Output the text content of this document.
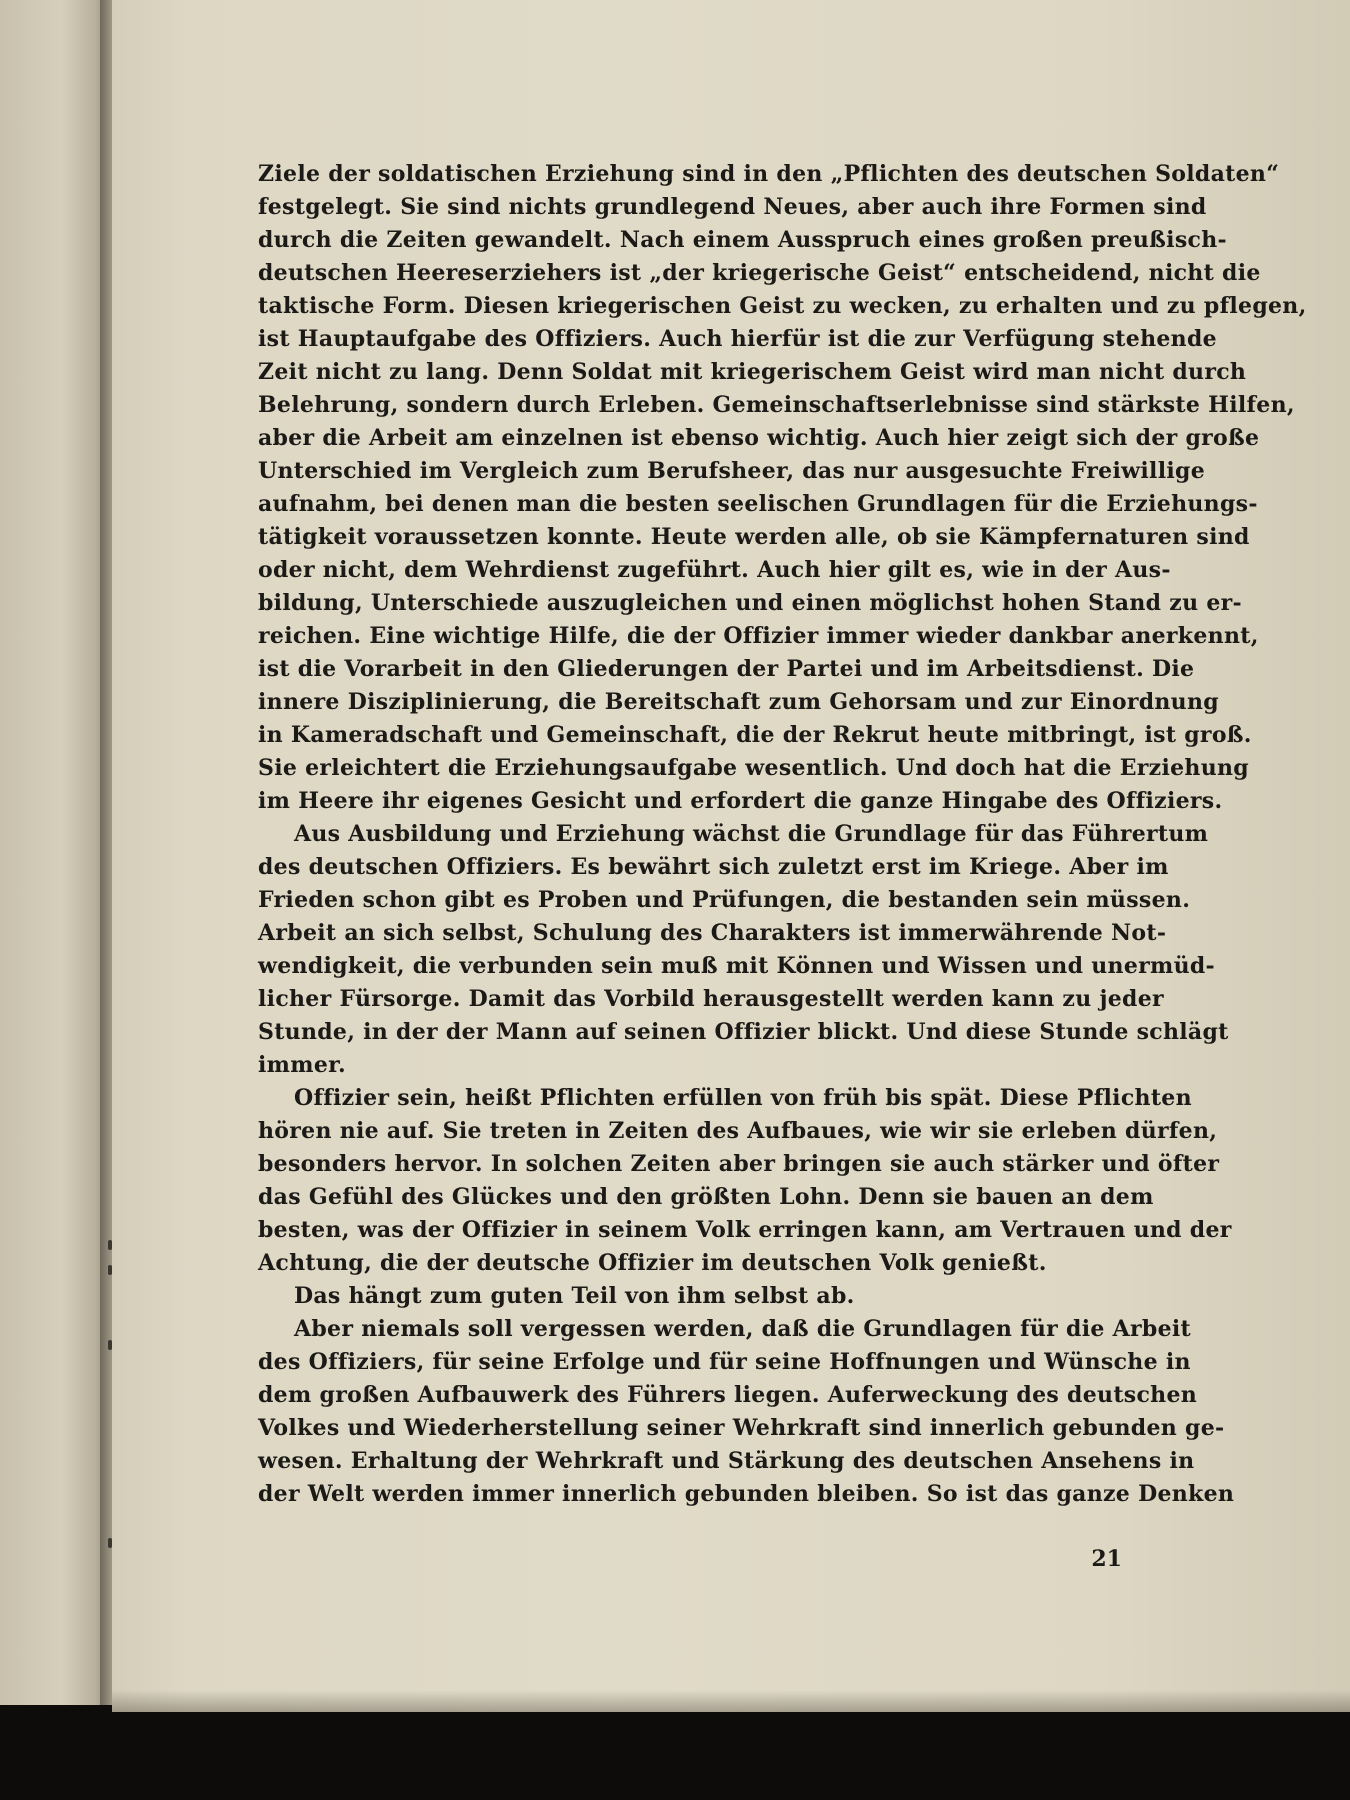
Ziele der soldatischen Erziehung sind in den „Pflichten des deutschen Soldaten“
festgelegt. Sie sind nichts grundlegend Neues, aber auch ihre Formen sind
durch die Zeiten gewandelt. Nach einem Ausspruch eines großen preußisch-
deutschen Heereserziehers ist „der kriegerische Geist“ entscheidend, nicht die
taktische Form. Diesen kriegerischen Geist zu wecken, zu erhalten und zu pflegen,
ist Hauptaufgabe des Offiziers. Auch hierfür ist die zur Verfügung stehende
Zeit nicht zu lang. Denn Soldat mit kriegerischem Geist wird man nicht durch
Belehrung, sondern durch Erleben. Gemeinschaftserlebnisse sind stärkste Hilfen,
aber die Arbeit am einzelnen ist ebenso wichtig. Auch hier zeigt sich der große
Unterschied im Vergleich zum Berufsheer, das nur ausgesuchte Freiwillige
aufnahm, bei denen man die besten seelischen Grundlagen für die Erziehungs-
tätigkeit voraussetzen konnte. Heute werden alle, ob sie Kämpfernaturen sind
oder nicht, dem Wehrdienst zugeführt. Auch hier gilt es, wie in der Aus-
bildung, Unterschiede auszugleichen und einen möglichst hohen Stand zu er-
reichen. Eine wichtige Hilfe, die der Offizier immer wieder dankbar anerkennt,
ist die Vorarbeit in den Gliederungen der Partei und im Arbeitsdienst. Die
innere Disziplinierung, die Bereitschaft zum Gehorsam und zur Einordnung
in Kameradschaft und Gemeinschaft, die der Rekrut heute mitbringt, ist groß.
Sie erleichtert die Erziehungsaufgabe wesentlich. Und doch hat die Erziehung
im Heere ihr eigenes Gesicht und erfordert die ganze Hingabe des Offiziers.
Aus Ausbildung und Erziehung wächst die Grundlage für das Führertum
des deutschen Offiziers. Es bewährt sich zuletzt erst im Kriege. Aber im
Frieden schon gibt es Proben und Prüfungen, die bestanden sein müssen.
Arbeit an sich selbst, Schulung des Charakters ist immerwährende Not-
wendigkeit, die verbunden sein muß mit Können und Wissen und unermüd-
licher Fürsorge. Damit das Vorbild herausgestellt werden kann zu jeder
Stunde, in der der Mann auf seinen Offizier blickt. Und diese Stunde schlägt
immer.
Offizier sein, heißt Pflichten erfüllen von früh bis spät. Diese Pflichten
hören nie auf. Sie treten in Zeiten des Aufbaues, wie wir sie erleben dürfen,
besonders hervor. In solchen Zeiten aber bringen sie auch stärker und öfter
das Gefühl des Glückes und den größten Lohn. Denn sie bauen an dem
besten, was der Offizier in seinem Volk erringen kann, am Vertrauen und der
Achtung, die der deutsche Offizier im deutschen Volk genießt.
Das hängt zum guten Teil von ihm selbst ab.
Aber niemals soll vergessen werden, daß die Grundlagen für die Arbeit
des Offiziers, für seine Erfolge und für seine Hoffnungen und Wünsche in
dem großen Aufbauwerk des Führers liegen. Auferweckung des deutschen
Volkes und Wiederherstellung seiner Wehrkraft sind innerlich gebunden ge-
wesen. Erhaltung der Wehrkraft und Stärkung des deutschen Ansehens in
der Welt werden immer innerlich gebunden bleiben. So ist das ganze Denken
21
